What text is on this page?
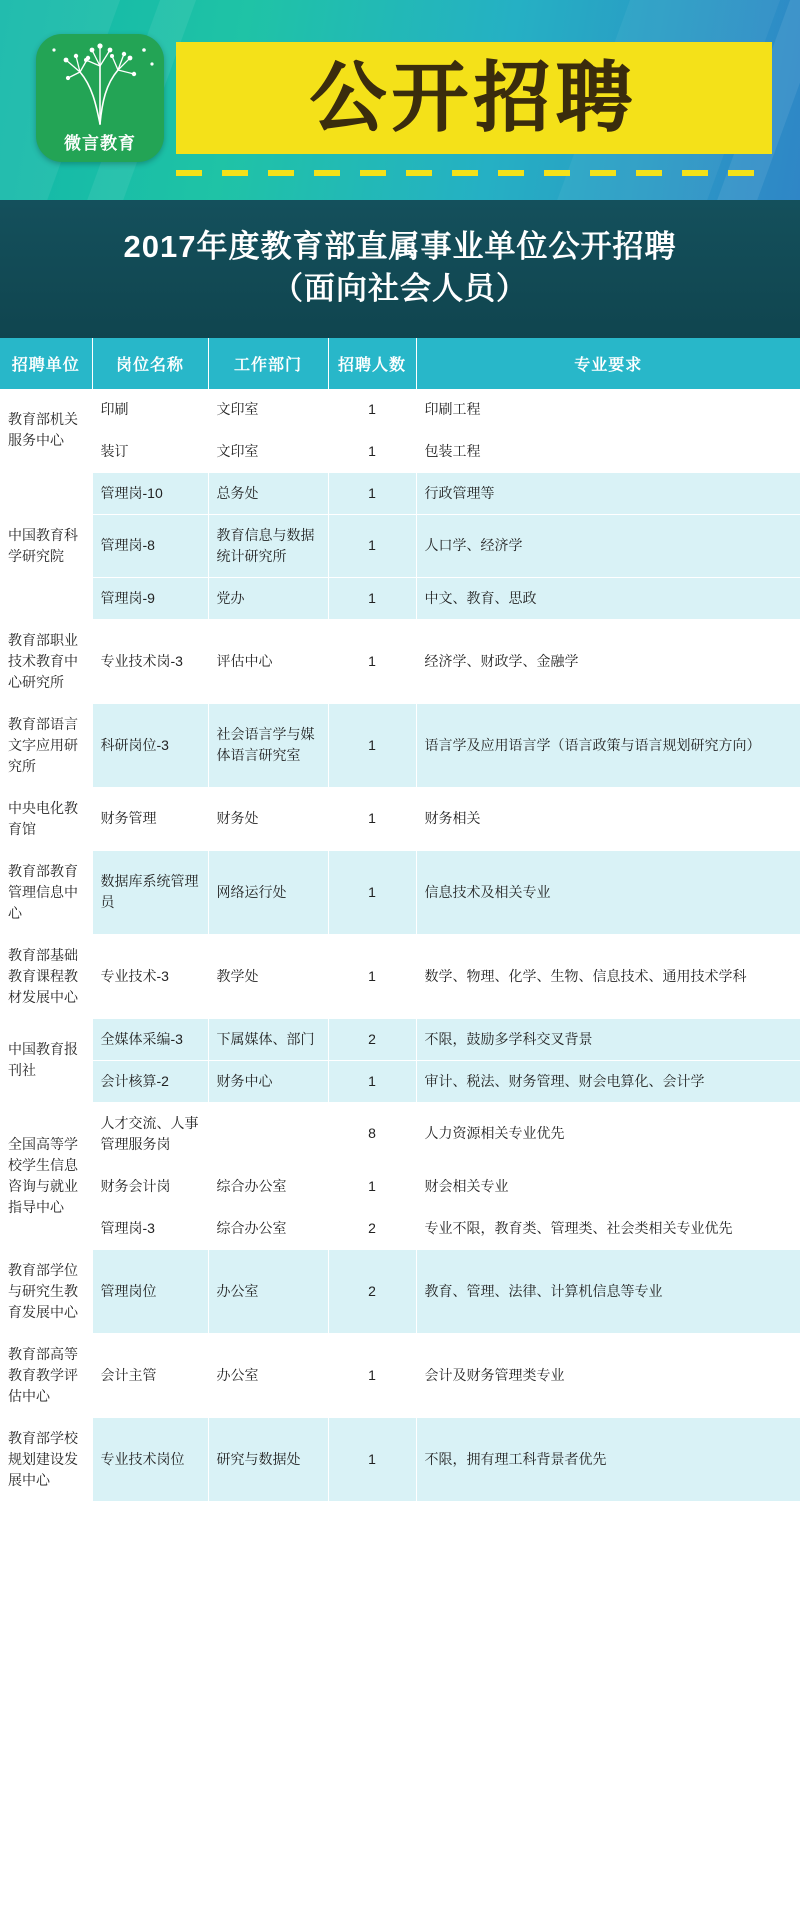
微言教育
公开招聘
2017年度教育部直属事业单位公开招聘
（面向社会人员）
招聘单位	岗位名称	工作部门	招聘人数	专业要求
教育部机关服务中心	印刷	文印室	1	印刷工程
	装订	文印室	1	包装工程
中国教育科学研究院	管理岗-10	总务处	1	行政管理等
	管理岗-8	教育信息与数据统计研究所	1	人口学、经济学
	管理岗-9	党办	1	中文、教育、思政
教育部职业技术教育中心研究所	专业技术岗-3	评估中心	1	经济学、财政学、金融学
教育部语言文字应用研究所	科研岗位-3	社会语言学与媒体语言研究室	1	语言学及应用语言学（语言政策与语言规划研究方向）
中央电化教育馆	财务管理	财务处	1	财务相关
教育部教育管理信息中心	数据库系统管理员	网络运行处	1	信息技术及相关专业
教育部基础教育课程教材发展中心	专业技术-3	教学处	1	数学、物理、化学、生物、信息技术、通用技术学科
中国教育报刊社	全媒体采编-3	下属媒体、部门	2	不限，鼓励多学科交叉背景
	会计核算-2	财务中心	1	审计、税法、财务管理、财会电算化、会计学
全国高等学校学生信息咨询与就业指导中心	人才交流、人事管理服务岗		8	人力资源相关专业优先
	财务会计岗	综合办公室	1	财会相关专业
	管理岗-3	综合办公室	2	专业不限，教育类、管理类、社会类相关专业优先
教育部学位与研究生教育发展中心	管理岗位	办公室	2	教育、管理、法律、计算机信息等专业
教育部高等教育教学评估中心	会计主管	办公室	1	会计及财务管理类专业
教育部学校规划建设发展中心	专业技术岗位	研究与数据处	1	不限，拥有理工科背景者优先
